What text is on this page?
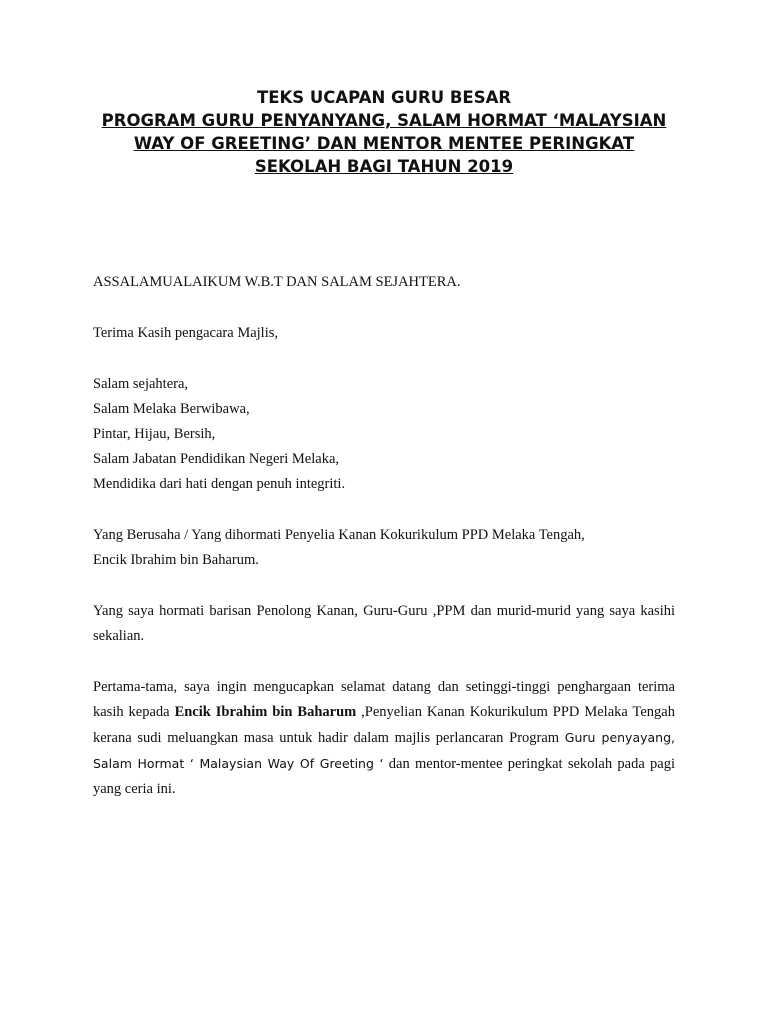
TEKS UCAPAN GURU BESAR
PROGRAM GURU PENYANYANG, SALAM HORMAT ‘MALAYSIAN
WAY OF GREETING’ DAN MENTOR MENTEE PERINGKAT
SEKOLAH BAGI TAHUN 2019

ASSALAMUALAIKUM W.B.T DAN SALAM SEJAHTERA.

Terima Kasih pengacara Majlis,

Salam sejahtera,
Salam Melaka Berwibawa,
Pintar, Hijau, Bersih,
Salam Jabatan Pendidikan Negeri Melaka,
Mendidika dari hati dengan penuh integriti.

Yang Berusaha / Yang dihormati Penyelia Kanan Kokurikulum PPD Melaka Tengah,
Encik Ibrahim bin Baharum.

Yang saya hormati barisan Penolong Kanan, Guru-Guru ,PPM dan murid-murid yang saya kasihi sekalian.

Pertama-tama, saya ingin mengucapkan selamat datang dan setinggi-tinggi penghargaan terima kasih kepada Encik Ibrahim bin Baharum ,Penyelian Kanan Kokurikulum PPD Melaka Tengah kerana sudi meluangkan masa untuk hadir dalam majlis perlancaran Program Guru penyayang, Salam Hormat ‘ Malaysian Way Of Greeting ‘ dan mentor-mentee peringkat sekolah pada pagi yang ceria ini.
